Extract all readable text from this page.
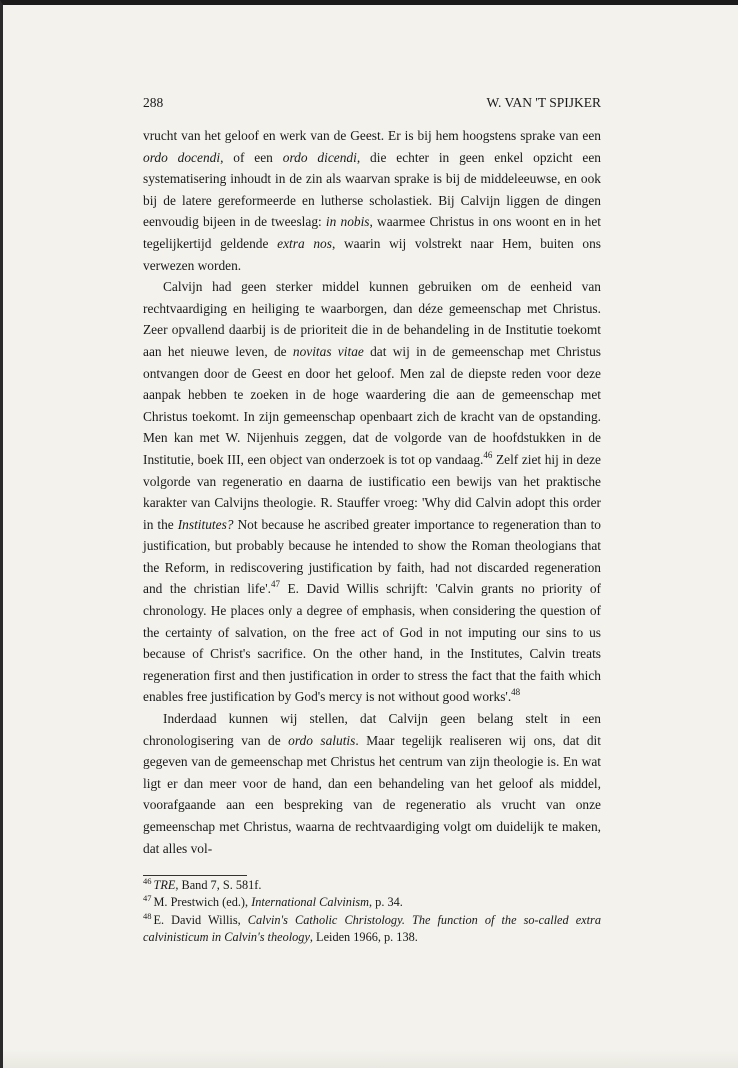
288	W. VAN 'T SPIJKER

vrucht van het geloof en werk van de Geest. Er is bij hem hoogstens sprake van een ordo docendi, of een ordo dicendi, die echter in geen enkel opzicht een systematisering inhoudt in de zin als waarvan sprake is bij de middeleeuwse, en ook bij de latere gereformeerde en lutherse scholastiek. Bij Calvijn liggen de dingen eenvoudig bijeen in de tweeslag: in nobis, waarmee Christus in ons woont en in het tegelijkertijd geldende extra nos, waarin wij volstrekt naar Hem, buiten ons verwezen worden.

Calvijn had geen sterker middel kunnen gebruiken om de eenheid van rechtvaardiging en heiliging te waarborgen, dan déze gemeenschap met Christus. Zeer opvallend daarbij is de prioriteit die in de behandeling in de Institutie toekomt aan het nieuwe leven, de novitas vitae dat wij in de gemeenschap met Christus ontvangen door de Geest en door het geloof. Men zal de diepste reden voor deze aanpak hebben te zoeken in de hoge waardering die aan de gemeenschap met Christus toekomt. In zijn gemeenschap openbaart zich de kracht van de opstanding. Men kan met W. Nijenhuis zeggen, dat de volgorde van de hoofdstukken in de Institutie, boek III, een object van onderzoek is tot op vandaag.$^{46}$ Zelf ziet hij in deze volgorde van regeneratio en daarna de iustificatio een bewijs van het praktische karakter van Calvijns theologie. R. Stauffer vroeg: 'Why did Calvin adopt this order in the Institutes? Not because he ascribed greater importance to regeneration than to justification, but probably because he intended to show the Roman theologians that the Reform, in rediscovering justification by faith, had not discarded regeneration and the christian life'.$^{47}$ E. David Willis schrijft: 'Calvin grants no priority of chronology. He places only a degree of emphasis, when considering the question of the certainty of salvation, on the free act of God in not imputing our sins to us because of Christ's sacrifice. On the other hand, in the Institutes, Calvin treats regeneration first and then justification in order to stress the fact that the faith which enables free justification by God's mercy is not without good works'.$^{48}$

Inderdaad kunnen wij stellen, dat Calvijn geen belang stelt in een chronologisering van de ordo salutis. Maar tegelijk realiseren wij ons, dat dit gegeven van de gemeenschap met Christus het centrum van zijn theologie is. En wat ligt er dan meer voor de hand, dan een behandeling van het geloof als middel, voorafgaande aan een bespreking van de regeneratio als vrucht van onze gemeenschap met Christus, waarna de rechtvaardiging volgt om duidelijk te maken, dat alles vol-

$^{46}$ TRE, Band 7, S. 581f.

$^{47}$ M. Prestwich (ed.), International Calvinism, p. 34.

$^{48}$ E. David Willis, Calvin's Catholic Christology. The function of the so-called extra calvinisticum in Calvin's theology, Leiden 1966, p. 138.
